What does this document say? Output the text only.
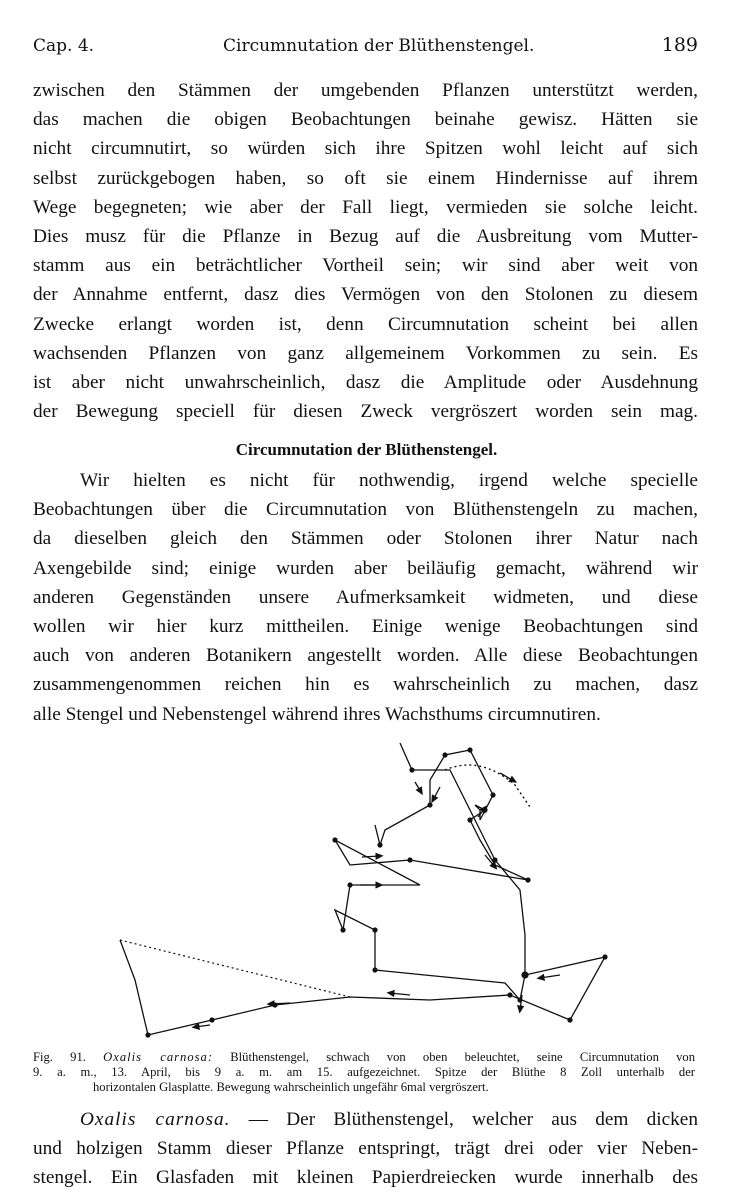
Cap. 4.	Circumnutation der Blüthenstengel.	189
zwischen den Stämmen der umgebenden Pflanzen unterstützt werden,
das machen die obigen Beobachtungen beinahe gewisz. Hätten sie
nicht circumnutirt, so würden sich ihre Spitzen wohl leicht auf sich
selbst zurückgebogen haben, so oft sie einem Hindernisse auf ihrem
Wege begegneten; wie aber der Fall liegt, vermieden sie solche leicht.
Dies musz für die Pflanze in Bezug auf die Ausbreitung vom Mutter-
stamm aus ein beträchtlicher Vortheil sein; wir sind aber weit von
der Annahme entfernt, dasz dies Vermögen von den Stolonen zu diesem
Zwecke erlangt worden ist, denn Circumnutation scheint bei allen
wachsenden Pflanzen von ganz allgemeinem Vorkommen zu sein. Es
ist aber nicht unwahrscheinlich, dasz die Amplitude oder Ausdehnung
der Bewegung speciell für diesen Zweck vergröszert worden sein mag.
Circumnutation der Blüthenstengel.
Wir hielten es nicht für nothwendig, irgend welche specielle
Beobachtungen über die Circumnutation von Blüthenstengeln zu machen,
da dieselben gleich den Stämmen oder Stolonen ihrer Natur nach
Axengebilde sind; einige wurden aber beiläufig gemacht, während wir
anderen Gegenständen unsere Aufmerksamkeit widmeten, und diese
wollen wir hier kurz mittheilen. Einige wenige Beobachtungen sind
auch von anderen Botanikern angestellt worden. Alle diese Beobachtungen
zusammengenommen reichen hin es wahrscheinlich zu machen, dasz
alle Stengel und Nebenstengel während ihres Wachsthums circumnutiren.
Fig. 91. Oxalis carnosa: Blüthenstengel, schwach von oben beleuchtet, seine Circumnutation von
9. a. m., 13. April, bis 9 a. m. am 15. aufgezeichnet. Spitze der Blüthe 8 Zoll unterhalb der
horizontalen Glasplatte. Bewegung wahrscheinlich ungefähr 6mal vergröszert.
Oxalis carnosa. — Der Blüthenstengel, welcher aus dem dicken
und holzigen Stamm dieser Pflanze entspringt, trägt drei oder vier Neben-
stengel. Ein Glasfaden mit kleinen Papierdreiecken wurde innerhalb des
